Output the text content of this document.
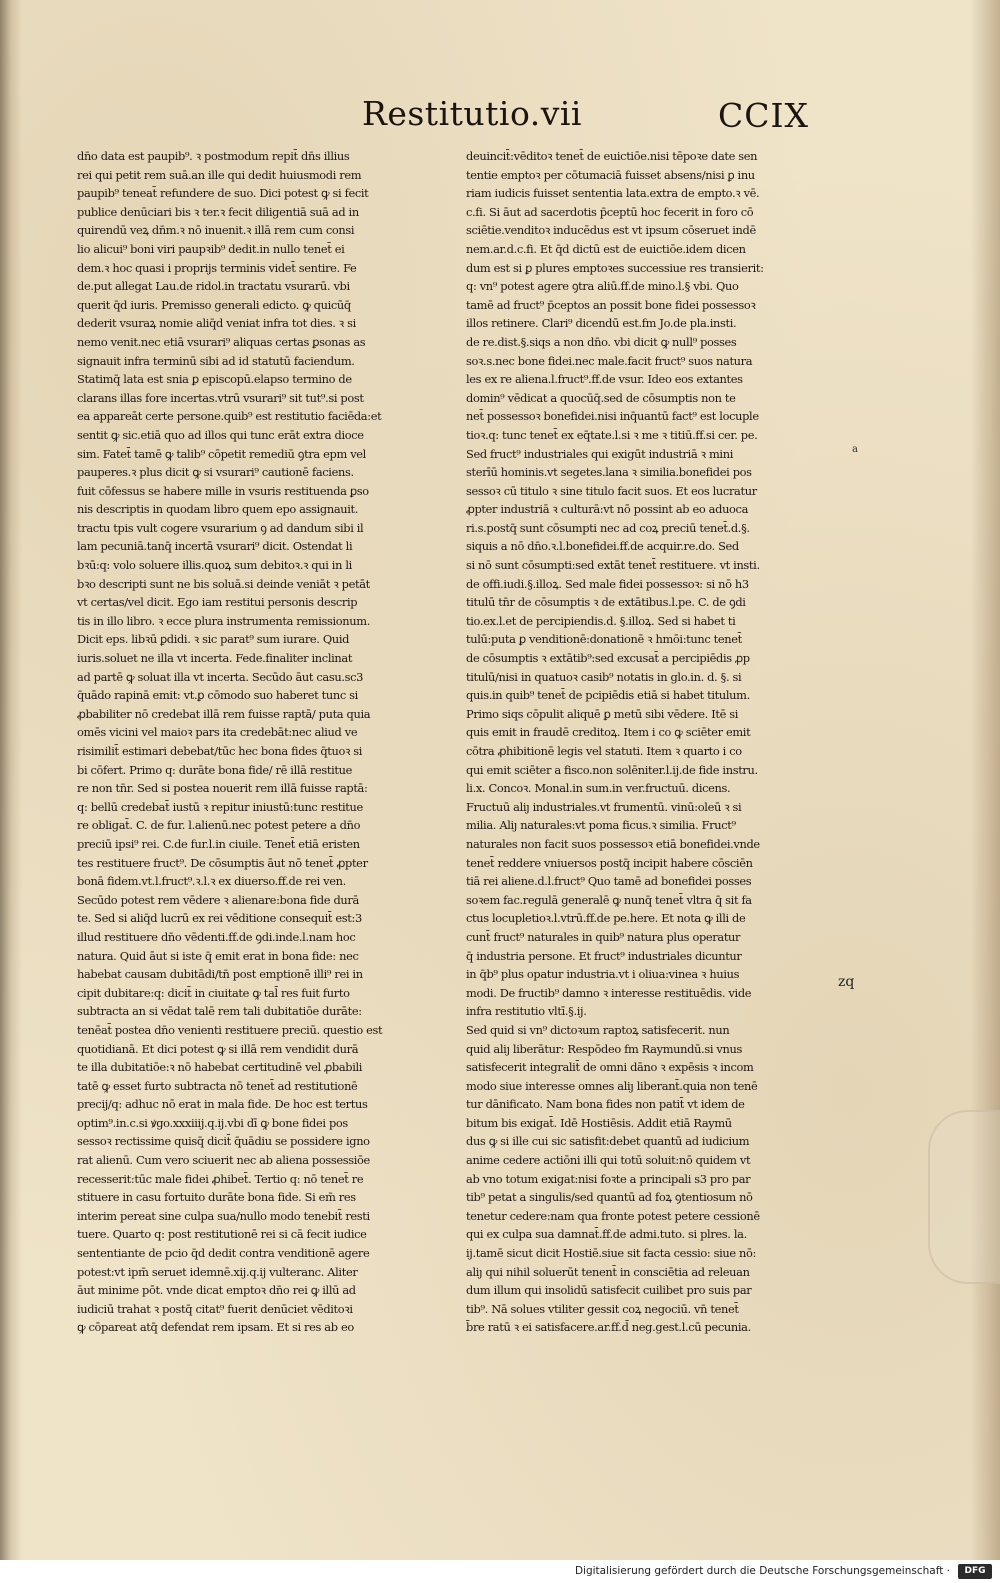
Restitutio.vii	CCIX
dn̄o data est paupib⁹. ꝛ postmodum repit̄ dn̄s illius
rei qui petit rem suā.an ille qui dedit huiusmodi rem
paupib⁹ teneat̄ refundere de suo. Dici potest ꝙ si fecit
publice denūciari bis ꝛ ter.ꝛ fecit diligentiā suā ad in
quirendū veꝝ dn̄m.ꝛ nō inuenit.ꝛ illā rem cum consi
lio alicui⁹ boni viri paupꝛib⁹ dedit.in nullo tenet̄ ei
dem.ꝛ hoc quasi i proprijs terminis videt̄ sentire. Fe
de.put allegat Lau.de ridol.in tractatu vsurarū. vbi
querit q̄d iuris. Premisso generali edicto. ꝙ quicūq̄
dederit vsuraꝝ nomie aliq̄d veniat infra tot dies. ꝛ si
nemo venit.nec etiā vsurari⁹ aliquas certas ꝑsonas as
signauit infra terminū sibi ad id statutū faciendum.
Statimq̄ lata est snia ꝑ episcopū.elapso termino de
clarans illas fore incertas.vtrū vsurari⁹ sit tut⁹.si post
ea appareāt certe persone.quib⁹ est restitutio faciēda:et
sentit ꝙ sic.etiā quo ad illos qui tunc erāt extra dioce
sim. Fatet̄ tamē ꝙ talib⁹ cōpetit remediū ꝯtra epm vel
pauperes.ꝛ plus dicit ꝙ si vsurari⁹ cautionē faciens.
fuit cōfessus se habere mille in vsuris restituenda ꝑso
nis descriptis in quodam libro quem epo assignauit.
tractu tpis vult cogere vsurarium ꝯ ad dandum sibi il
lam pecuniā.tanq̄ incertā vsurari⁹ dicit. Ostendat li
bꝛū:q: volo soluere illis.quoꝝ sum debitoꝛ.ꝛ qui in li
bꝛo descripti sunt ne bis soluā.si deinde veniāt ꝛ petāt
vt certas/vel dicit. Ego iam restitui personis descrip
tis in illo libro. ꝛ ecce plura instrumenta remissionum.
Dicit eps. libꝛū ꝑdidi. ꝛ sic parat⁹ sum iurare. Quid
iuris.soluet ne illa vt incerta. Fede.finaliter inclinat
ad partē ꝙ soluat illa vt incerta. Secūdo āut casu.sc3
q̄uādo rapinā emit: vt.ꝑ cōmodo suo haberet tunc si
ꝓbabiliter nō credebat illā rem fuisse raptā/ puta quia
omēs vicini vel maioꝛ pars ita credebāt:nec aliud ve
risimilit̄ estimari debebat/tūc hec bona fides q̄tuoꝛ si
bi cōfert. Primo q: durāte bona fide/ rē illā restitue
re non tn̄r. Sed si postea nouerit rem illā fuisse raptā:
q: bellū credebat̄ iustū ꝛ repitur iniustū:tunc restitue
re obligat̄. C. de fur. l.alienū.nec potest petere a dn̄o
preciū ipsi⁹ rei. C.de fur.l.in ciuile. Tenet̄ etiā eristen
tes restituere fruct⁹. De cōsumptis āut nō tenet̄ ꝓpter
bonā fidem.vt.l.fruct⁹.ꝛ.l.ꝛ ex diuerso.ff.de rei ven.
Secūdo potest rem vēdere ꝛ alienare:bona fide durā
te. Sed si aliq̄d lucrū ex rei vēditione consequit̄ est:3
illud restituere dn̄o vēdenti.ff.de ꝯdi.inde.l.nam hoc
natura. Quid āut si iste q̄ emit erat in bona fide: nec
habebat causam dubitādi/tn̄ post emptionē illi⁹ rei in
cipit dubitare:q: dicit̄ in ciuitate ꝙ tal̄ res fuit furto
subtracta an si vēdat talē rem tali dubitatiōe durāte:
tenēat̄ postea dn̄o venienti restituere preciū. questio est
quotidianā. Et dici potest ꝙ si illā rem vendidit durā
te illa dubitatiōe:ꝛ nō habebat certitudinē vel ꝓbabili
tatē ꝙ esset furto subtracta nō tenet̄ ad restitutionē
precij/q: adhuc nō erat in mala fide. De hoc est tertus
optim⁹.in.c.si ꝟgo.xxxiiij.q.ij.vbi dī ꝙ bone fidei pos
sessoꝛ rectissime quisq̄ dicit̄ q̄uādiu se possidere igno
rat alienū. Cum vero sciuerit nec ab aliena possessiōe
recesserit:tūc male fidei ꝓhibet̄. Tertio q: nō tenet̄ re
stituere in casu fortuito durāte bona fide. Si em̄ res
interim pereat sine culpa sua/nullo modo tenebit̄ resti
tuere. Quarto q: post restitutionē rei si cā fecit iudice
sententiante de pcio q̄d dedit contra venditionē agere
potest:vt ipm̄ seruet idemnē.xij.q.ij vulteranc. Aliter
āut minime pōt. vnde dicat emptoꝛ dn̄o rei ꝙ illū ad
iudiciū trahat ꝛ postq̄ citat⁹ fuerit denūciet vēditoꝛi
ꝙ cōpareat atq̄ defendat rem ipsam. Et si res ab eo
deuincit̄:vēditoꝛ tenet̄ de euictiōe.nisi tēpoꝛe date sen
tentie emptoꝛ per cōtumaciā fuisset absens/nisi ꝑ inu
riam iudicis fuisset sententia lata.extra de empto.ꝛ vē.
c.fi. Si āut ad sacerdotis p̄ceptū hoc fecerit in foro cō
sciētie.venditoꝛ inducēdus est vt ipsum cōseruet indē
nem.ar.d.c.fi. Et q̄d dictū est de euictiōe.idem dicen
dum est si ꝑ plures emptoꝛes successiue res transierit:
q: vn⁹ potest agere ꝯtra aliū.ff.de mino.l.§ vbi. Quo
tamē ad fruct⁹ p̄ceptos an possit bone fidei possessoꝛ
illos retinere. Clari⁹ dicendū est.fm Jo.de pla.insti.
de re.dist.§.siqs a non dn̄o. vbi dicit ꝙ null⁹ posses
soꝛ.s.nec bone fidei.nec male.facit fruct⁹ suos natura
les ex re aliena.l.fruct⁹.ff.de vsur. Ideo eos extantes
domin⁹ vēdicat a quocūq̄.sed de cōsumptis non te
net̄ possessoꝛ bonefidei.nisi inq̄uantū fact⁹ est locuple
tioꝛ.q: tunc tenet̄ ex eq̄tate.l.si ꝛ me ꝛ titiū.ff.si cer. pe.
Sed fruct⁹ industriales qui exigūt industriā ꝛ mini
sterīū hominis.vt segetes.lana ꝛ similia.bonefidei pos
sessoꝛ cū titulo ꝛ sine titulo facit suos. Et eos lucratur
ꝓpter industriā ꝛ culturā:vt nō possint ab eo aduoca
ri.s.postq̄ sunt cōsumpti nec ad coꝝ preciū tenet̄.d.§.
siquis a nō dn̄o.ꝛ.l.bonefidei.ff.de acquir.re.do. Sed
si nō sunt cōsumpti:sed extāt tenet̄ restituere. vt insti.
de offi.iudi.§.illoꝝ. Sed male fidei possessoꝛ: si nō h3
titulū tn̄r de cōsumptis ꝛ de extātibus.l.pe. C. de ꝯdi
tio.ex.l.et de percipiendis.d. §.illoꝝ. Sed si habet ti
tulū:puta ꝑ venditionē:donationē ꝛ hmōi:tunc tenet̄
de cōsumptis ꝛ extātib⁹:sed excusat̄ a percipiēdis ꝓp
titulū/nisi in quatuoꝛ casib⁹ notatis in glo.in. d. §. si
quis.in quib⁹ tenet̄ de pcipiēdis etiā si habet titulum.
Primo siqs cōpulit aliquē ꝑ metū sibi vēdere. Itē si
quis emit in fraudē creditoꝝ. Item i co ꝙ sciēter emit
cōtra ꝓhibitionē legis vel statuti. Item ꝛ quarto i co
qui emit sciēter a fisco.non solēniter.l.ij.de fide instru.
li.x. Concoꝛ. Monal.in sum.in ver.fructuū. dicens.
Fructuū aliȷ industriales.vt frumentū. vinū:oleū ꝛ si
milia. Aliȷ naturales:vt poma ficus.ꝛ similia. Fruct⁹
naturales non facit suos possessoꝛ etiā bonefidei.vnde
tenet̄ reddere vniuersos postq̄ incipit habere cōsciēn
tiā rei aliene.d.l.fruct⁹ Quo tamē ad bonefidei posses
soꝛem fac.regulā generalē ꝙ nunq̄ tenet̄ vltra q̄ sit fa
ctus locupletioꝛ.l.vtrū.ff.de pe.here. Et nota ꝙ illi de
cunt̄ fruct⁹ naturales in quib⁹ natura plus operatur
q̄ industria persone. Et fruct⁹ industriales dicuntur
in q̄b⁹ plus opatur industria.vt i oliua:vinea ꝛ huius
modi. De fructib⁹ damno ꝛ interesse restituēdis. vide
infra restitutio vltī.§.ij.
Sed quid si vn⁹ dictoꝛum raptoꝝ satisfecerit. nun
quid aliȷ liberātur: Respōdeo fm Raymundū.si vnus
satisfecerit integralit̄ de omni dāno ꝛ expēsis ꝛ incom
modo siue interesse omnes aliȷ liberant̄.quia non tenē
tur dānificato. Nam bona fides non patit̄ vt idem de
bitum bis exigat̄. Idē Hostiēsis. Addit etiā Raymū
dus ꝙ si ille cui sic satisfit:debet quantū ad iudicium
anime cedere actiōni illi qui totū soluit:nō quidem vt
ab vno totum exigat:nisi foꝛte a principali s3 pro par
tib⁹ petat a singulis/sed quantū ad foꝝ ꝯtentiosum nō
tenetur cedere:nam qua fronte potest petere cessionē
qui ex culpa sua damnat̄.ff.de admi.tuto. si plres. la.
ij.tamē sicut dicit Hostiē.siue sit facta cessio: siue nō:
aliȷ qui nihil soluerūt tenent̄ in consciētia ad releuan
dum illum qui insolidū satisfecit cuilibet pro suis par
tib⁹. Nā solues vtiliter gessit coꝝ negociū. vn̄ tenet̄
b̄re ratū ꝛ ei satisfacere.ar.ff.d̄ neg.gest.l.cū pecunia.
zq
a
Digitalisierung gefördert durch die Deutsche Forschungsgemeinschaft ·	DFG
